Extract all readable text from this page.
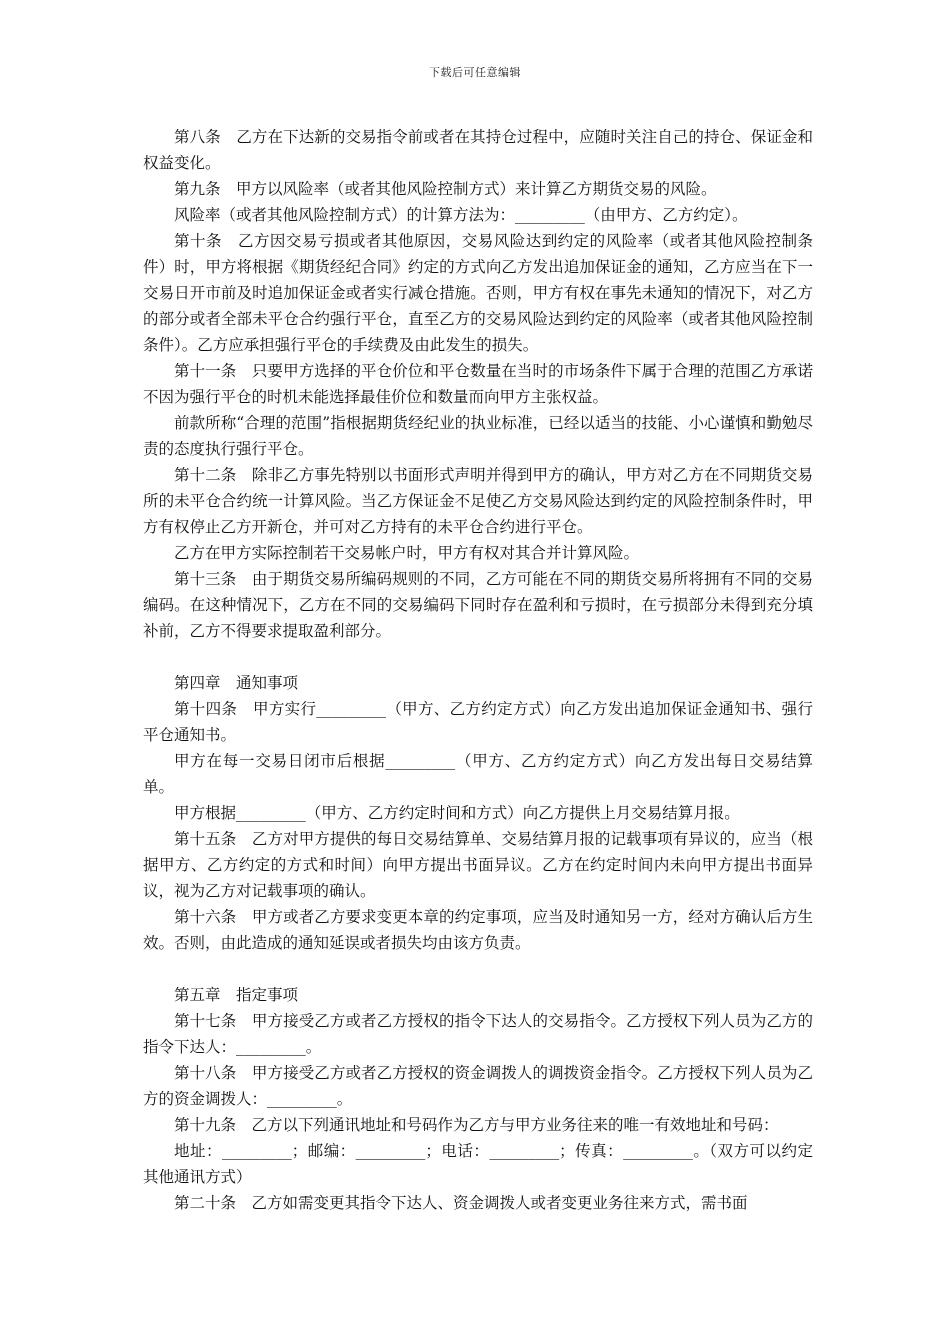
下载后可任意编辑

第八条　乙方在下达新的交易指令前或者在其持仓过程中，应随时关注自己的持仓、保证金和权益变化。

第九条　甲方以风险率（或者其他风险控制方式）来计算乙方期货交易的风险。

风险率（或者其他风险控制方式）的计算方法为：_________（由甲方、乙方约定）。

第十条　乙方因交易亏损或者其他原因，交易风险达到约定的风险率（或者其他风险控制条件）时，甲方将根据《期货经纪合同》约定的方式向乙方发出追加保证金的通知，乙方应当在下一交易日开市前及时追加保证金或者实行减仓措施。否则，甲方有权在事先未通知的情况下，对乙方的部分或者全部未平仓合约强行平仓，直至乙方的交易风险达到约定的风险率（或者其他风险控制条件）。乙方应承担强行平仓的手续费及由此发生的损失。

第十一条　只要甲方选择的平仓价位和平仓数量在当时的市场条件下属于合理的范围乙方承诺不因为强行平仓的时机未能选择最佳价位和数量而向甲方主张权益。

前款所称“合理的范围”指根据期货经纪业的执业标准，已经以适当的技能、小心谨慎和勤勉尽责的态度执行强行平仓。

第十二条　除非乙方事先特别以书面形式声明并得到甲方的确认，甲方对乙方在不同期货交易所的未平仓合约统一计算风险。当乙方保证金不足使乙方交易风险达到约定的风险控制条件时，甲方有权停止乙方开新仓，并可对乙方持有的未平仓合约进行平仓。

乙方在甲方实际控制若干交易帐户时，甲方有权对其合并计算风险。

第十三条　由于期货交易所编码规则的不同，乙方可能在不同的期货交易所将拥有不同的交易编码。在这种情况下，乙方在不同的交易编码下同时存在盈利和亏损时，在亏损部分未得到充分填补前，乙方不得要求提取盈利部分。

第四章　通知事项

第十四条　甲方实行_________（甲方、乙方约定方式）向乙方发出追加保证金通知书、强行平仓通知书。

甲方在每一交易日闭市后根据_________（甲方、乙方约定方式）向乙方发出每日交易结算单。

甲方根据_________（甲方、乙方约定时间和方式）向乙方提供上月交易结算月报。

第十五条　乙方对甲方提供的每日交易结算单、交易结算月报的记载事项有异议的，应当（根据甲方、乙方约定的方式和时间）向甲方提出书面异议。乙方在约定时间内未向甲方提出书面异议，视为乙方对记载事项的确认。

第十六条　甲方或者乙方要求变更本章的约定事项，应当及时通知另一方，经对方确认后方生效。否则，由此造成的通知延误或者损失均由该方负责。

第五章　指定事项

第十七条　甲方接受乙方或者乙方授权的指令下达人的交易指令。乙方授权下列人员为乙方的指令下达人：_________。

第十八条　甲方接受乙方或者乙方授权的资金调拨人的调拨资金指令。乙方授权下列人员为乙方的资金调拨人：_________。

第十九条　乙方以下列通讯地址和号码作为乙方与甲方业务往来的唯一有效地址和号码：

地址：_________；邮编：_________；电话：_________；传真：_________。（双方可以约定其他通讯方式）

第二十条　乙方如需变更其指令下达人、资金调拨人或者变更业务往来方式，需书面
